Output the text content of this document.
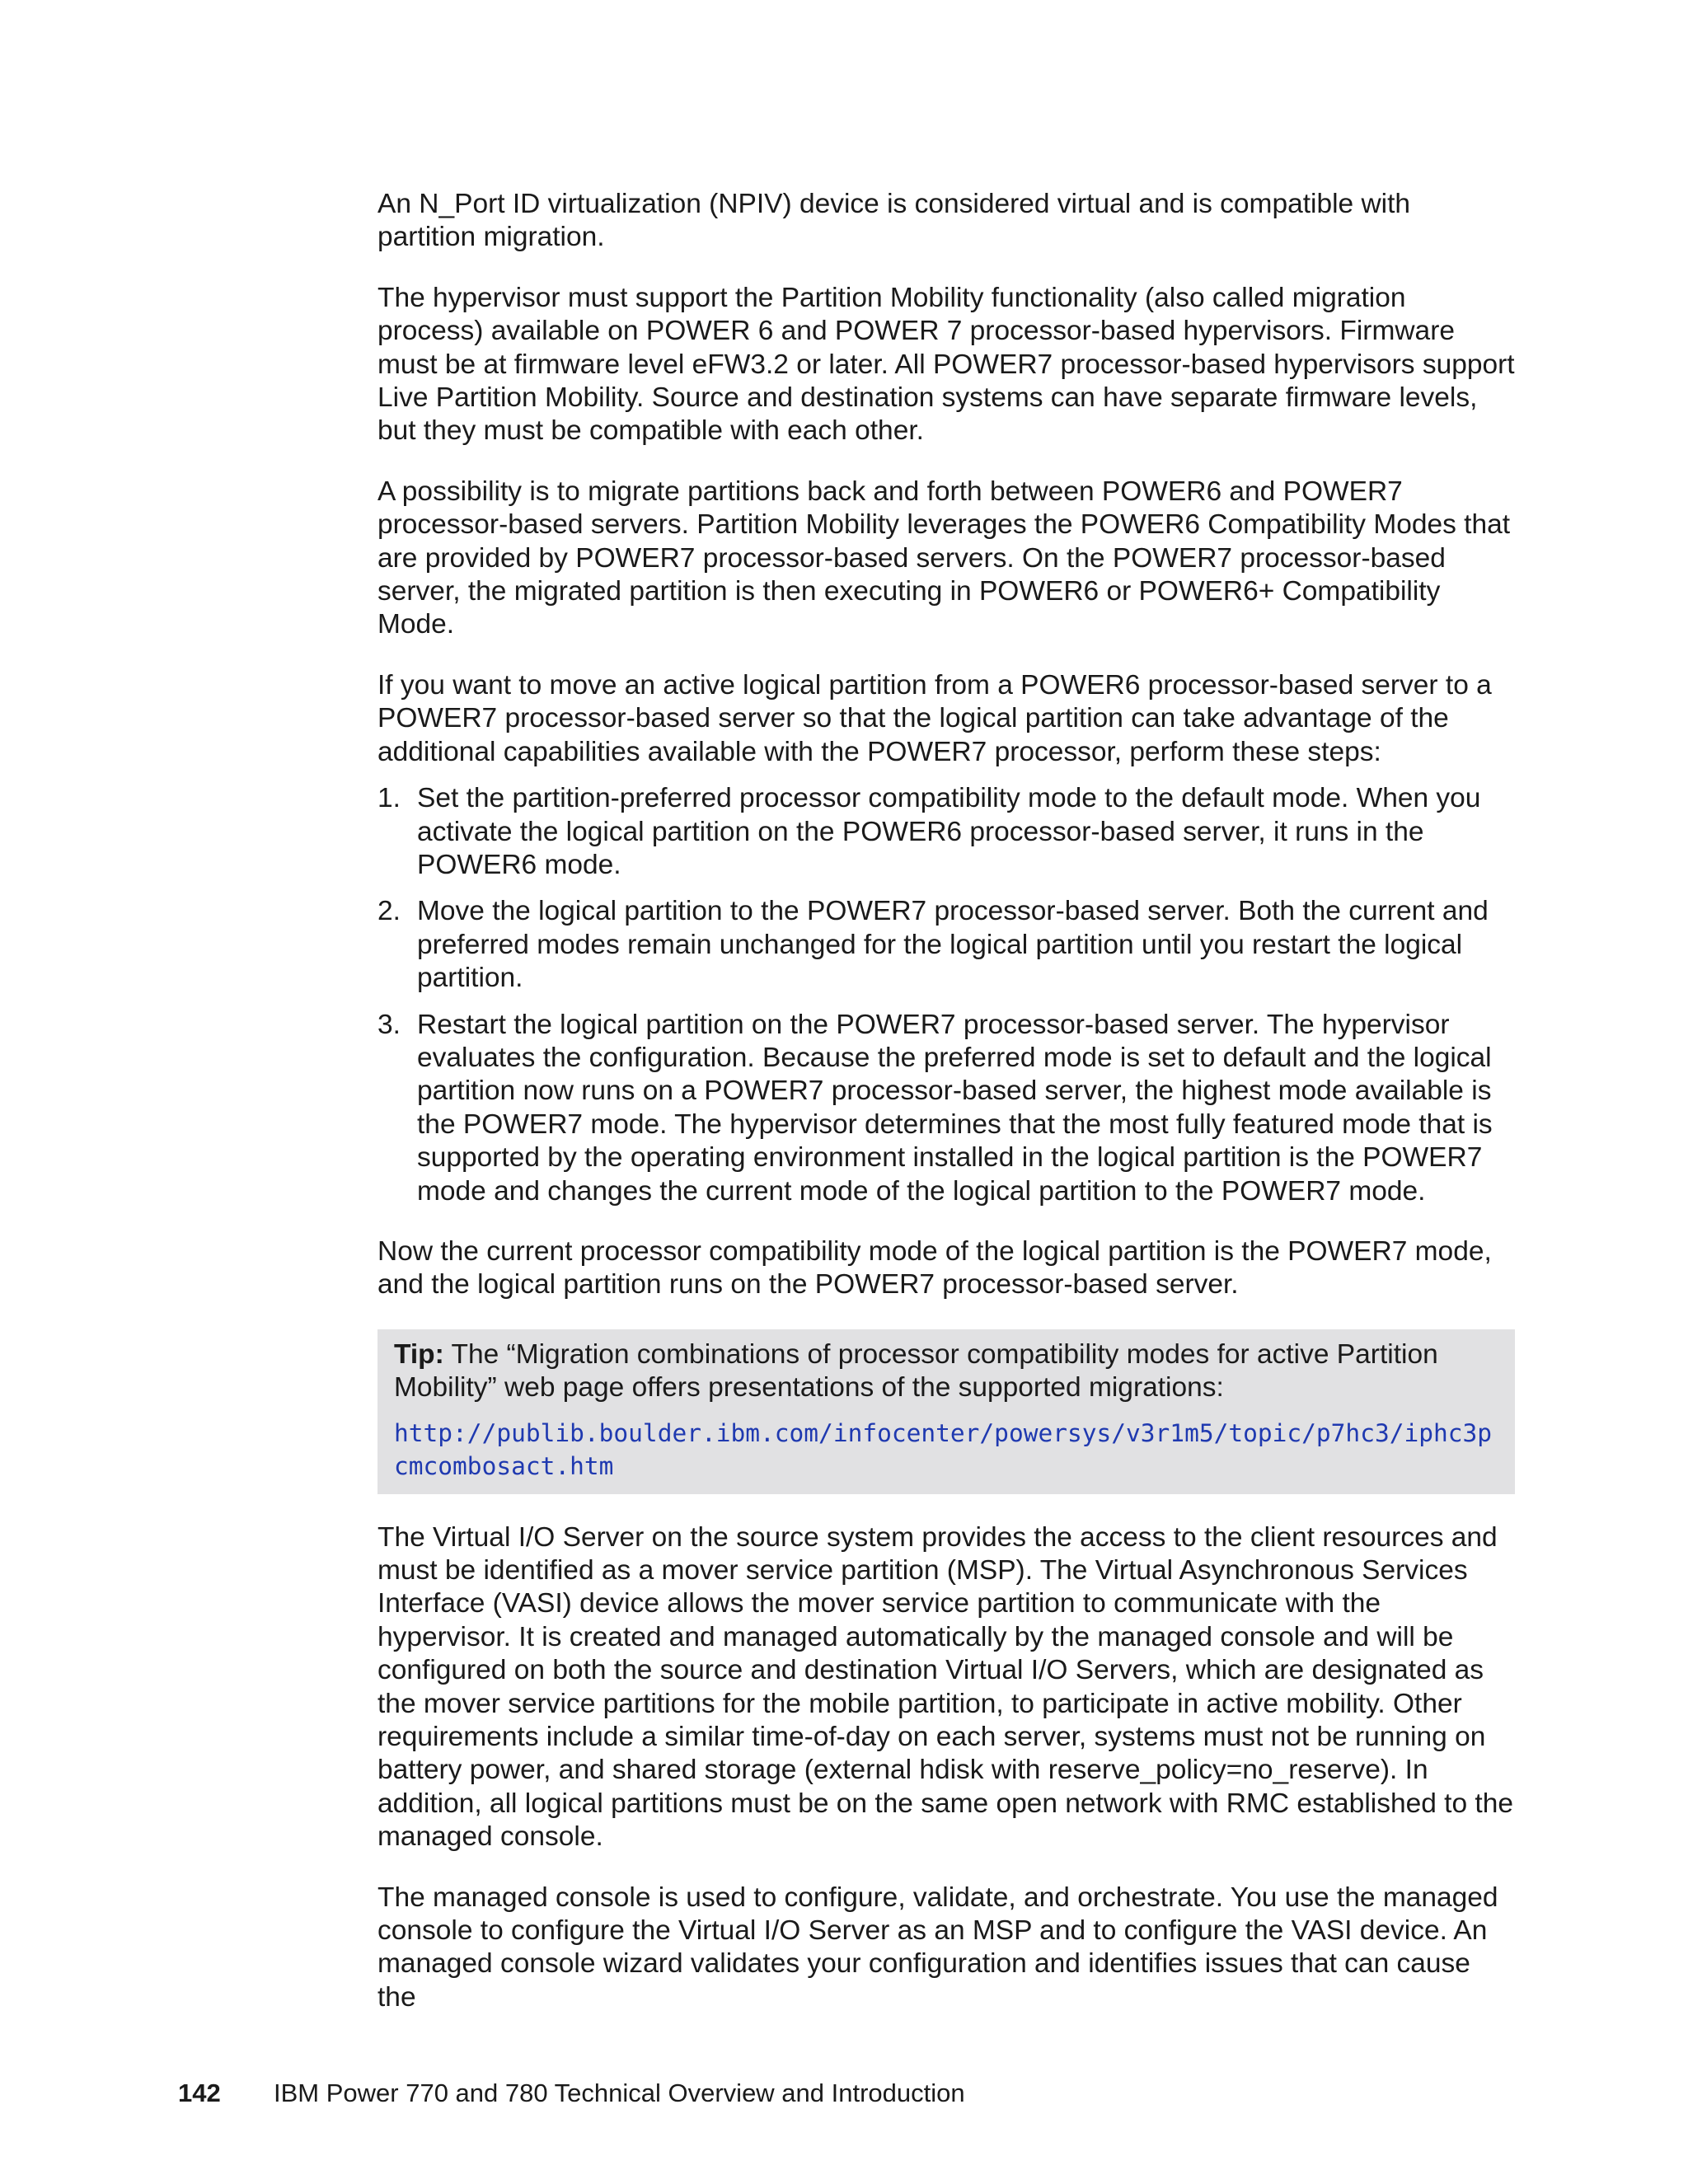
An N_Port ID virtualization (NPIV) device is considered virtual and is compatible with partition migration.

The hypervisor must support the Partition Mobility functionality (also called migration process) available on POWER 6 and POWER 7 processor-based hypervisors. Firmware must be at firmware level eFW3.2 or later. All POWER7 processor-based hypervisors support Live Partition Mobility. Source and destination systems can have separate firmware levels, but they must be compatible with each other.

A possibility is to migrate partitions back and forth between POWER6 and POWER7 processor-based servers. Partition Mobility leverages the POWER6 Compatibility Modes that are provided by POWER7 processor-based servers. On the POWER7 processor-based server, the migrated partition is then executing in POWER6 or POWER6+ Compatibility Mode.

If you want to move an active logical partition from a POWER6 processor-based server to a POWER7 processor-based server so that the logical partition can take advantage of the additional capabilities available with the POWER7 processor, perform these steps:

1. Set the partition-preferred processor compatibility mode to the default mode. When you activate the logical partition on the POWER6 processor-based server, it runs in the POWER6 mode.
2. Move the logical partition to the POWER7 processor-based server. Both the current and preferred modes remain unchanged for the logical partition until you restart the logical partition.
3. Restart the logical partition on the POWER7 processor-based server. The hypervisor evaluates the configuration. Because the preferred mode is set to default and the logical partition now runs on a POWER7 processor-based server, the highest mode available is the POWER7 mode. The hypervisor determines that the most fully featured mode that is supported by the operating environment installed in the logical partition is the POWER7 mode and changes the current mode of the logical partition to the POWER7 mode.

Now the current processor compatibility mode of the logical partition is the POWER7 mode, and the logical partition runs on the POWER7 processor-based server.

Tip: The “Migration combinations of processor compatibility modes for active Partition Mobility” web page offers presentations of the supported migrations:

http://publib.boulder.ibm.com/infocenter/powersys/v3r1m5/topic/p7hc3/iphc3pcmcombosact.htm

The Virtual I/O Server on the source system provides the access to the client resources and must be identified as a mover service partition (MSP). The Virtual Asynchronous Services Interface (VASI) device allows the mover service partition to communicate with the hypervisor. It is created and managed automatically by the managed console and will be configured on both the source and destination Virtual I/O Servers, which are designated as the mover service partitions for the mobile partition, to participate in active mobility. Other requirements include a similar time-of-day on each server, systems must not be running on battery power, and shared storage (external hdisk with reserve_policy=no_reserve). In addition, all logical partitions must be on the same open network with RMC established to the managed console.

The managed console is used to configure, validate, and orchestrate. You use the managed console to configure the Virtual I/O Server as an MSP and to configure the VASI device. An managed console wizard validates your configuration and identifies issues that can cause the

142	IBM Power 770 and 780 Technical Overview and Introduction
